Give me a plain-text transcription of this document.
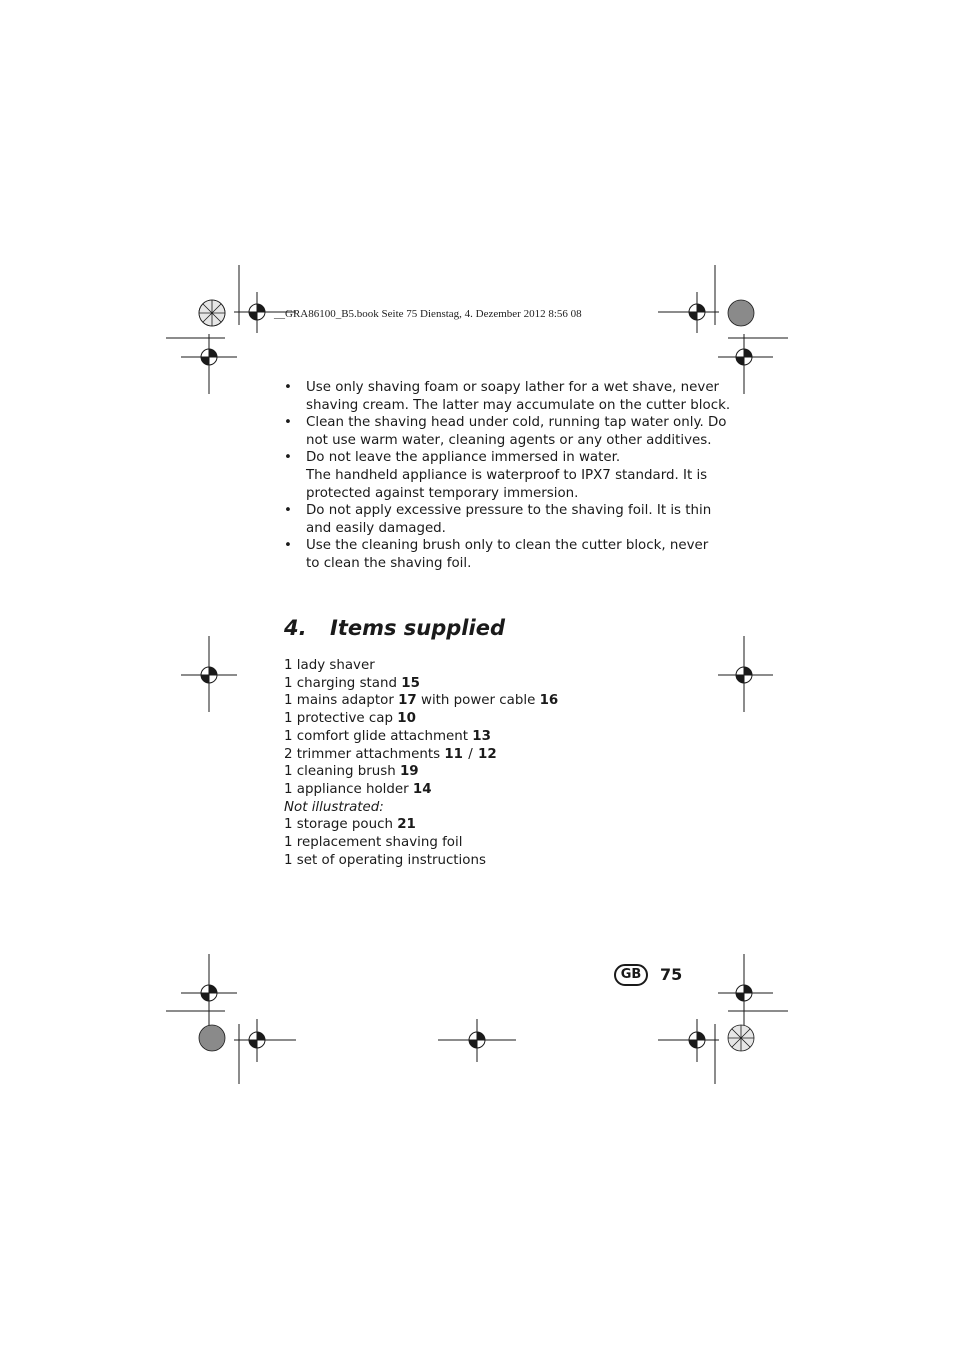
__GRA86100_B5.book Seite 75 Dienstag, 4. Dezember 2012 8:56 08
• Use only shaving foam or soapy lather for a wet shave, never
shaving cream. The latter may accumulate on the cutter block.
• Clean the shaving head under cold, running tap water only. Do
not use warm water, cleaning agents or any other additives.
• Do not leave the appliance immersed in water.
The handheld appliance is waterproof to IPX7 standard. It is
protected against temporary immersion.
• Do not apply excessive pressure to the shaving foil. It is thin
and easily damaged.
• Use the cleaning brush only to clean the cutter block, never
to clean the shaving foil.
4. Items supplied
1 lady shaver
1 charging stand 15
1 mains adaptor 17 with power cable 16
1 protective cap 10
1 comfort glide attachment 13
2 trimmer attachments 11 / 12
1 cleaning brush 19
1 appliance holder 14
Not illustrated:
1 storage pouch 21
1 replacement shaving foil
1 set of operating instructions
GB	75
